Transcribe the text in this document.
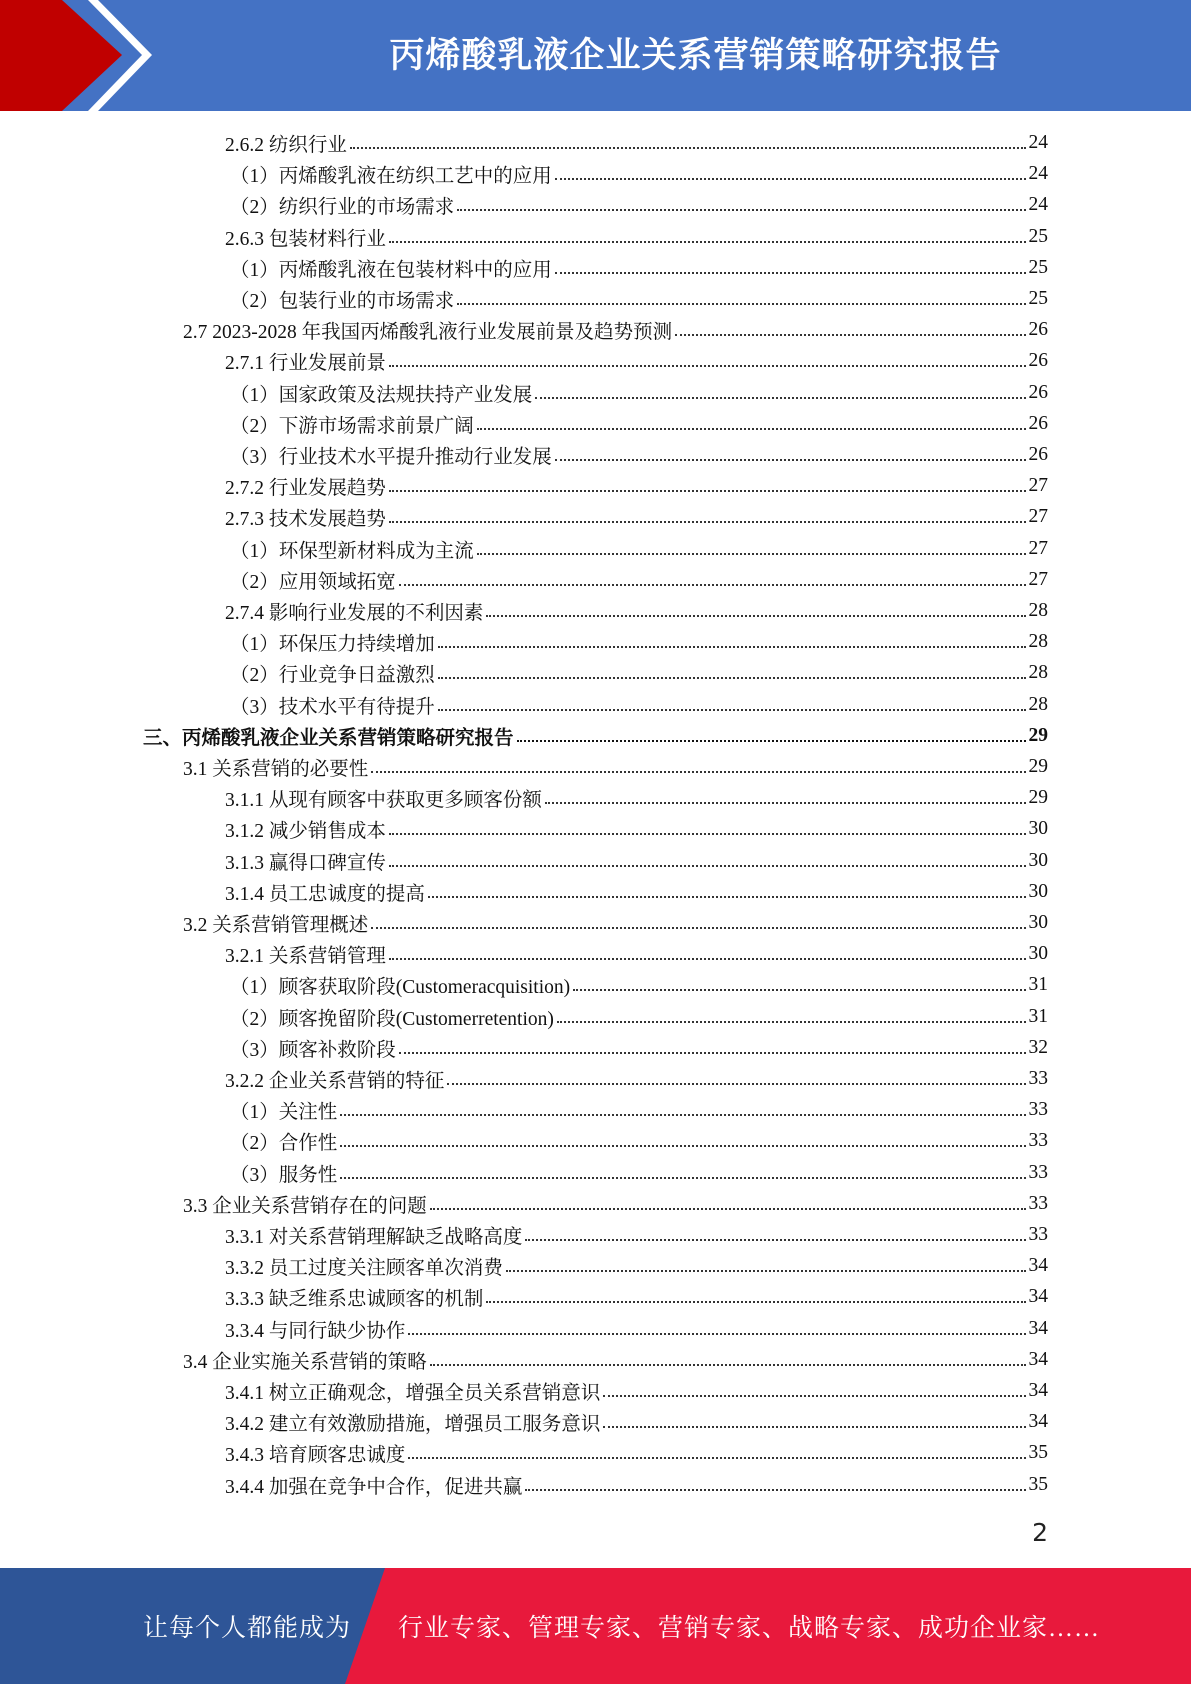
丙烯酸乳液企业关系营销策略研究报告
2.6.2 纺织行业	24
（1）丙烯酸乳液在纺织工艺中的应用	24
（2）纺织行业的市场需求	24
2.6.3 包装材料行业	25
（1）丙烯酸乳液在包装材料中的应用	25
（2）包装行业的市场需求	25
2.7 2023-2028 年我国丙烯酸乳液行业发展前景及趋势预测	26
2.7.1 行业发展前景	26
（1）国家政策及法规扶持产业发展	26
（2）下游市场需求前景广阔	26
（3）行业技术水平提升推动行业发展	26
2.7.2 行业发展趋势	27
2.7.3 技术发展趋势	27
（1）环保型新材料成为主流	27
（2）应用领域拓宽	27
2.7.4 影响行业发展的不利因素	28
（1）环保压力持续增加	28
（2）行业竞争日益激烈	28
（3）技术水平有待提升	28
三、丙烯酸乳液企业关系营销策略研究报告	29
3.1 关系营销的必要性	29
3.1.1 从现有顾客中获取更多顾客份额	29
3.1.2 减少销售成本	30
3.1.3 赢得口碑宣传	30
3.1.4 员工忠诚度的提高	30
3.2 关系营销管理概述	30
3.2.1 关系营销管理	30
（1）顾客获取阶段(Customeracquisition)	31
（2）顾客挽留阶段(Customerretention)	31
（3）顾客补救阶段	32
3.2.2 企业关系营销的特征	33
（1）关注性	33
（2）合作性	33
（3）服务性	33
3.3 企业关系营销存在的问题	33
3.3.1 对关系营销理解缺乏战略高度	33
3.3.2 员工过度关注顾客单次消费	34
3.3.3 缺乏维系忠诚顾客的机制	34
3.3.4 与同行缺少协作	34
3.4 企业实施关系营销的策略	34
3.4.1 树立正确观念，增强全员关系营销意识	34
3.4.2 建立有效激励措施，增强员工服务意识	34
3.4.3 培育顾客忠诚度	35
3.4.4 加强在竞争中合作，促进共赢	35
2
让每个人都能成为 行业专家、管理专家、营销专家、战略专家、成功企业家……
